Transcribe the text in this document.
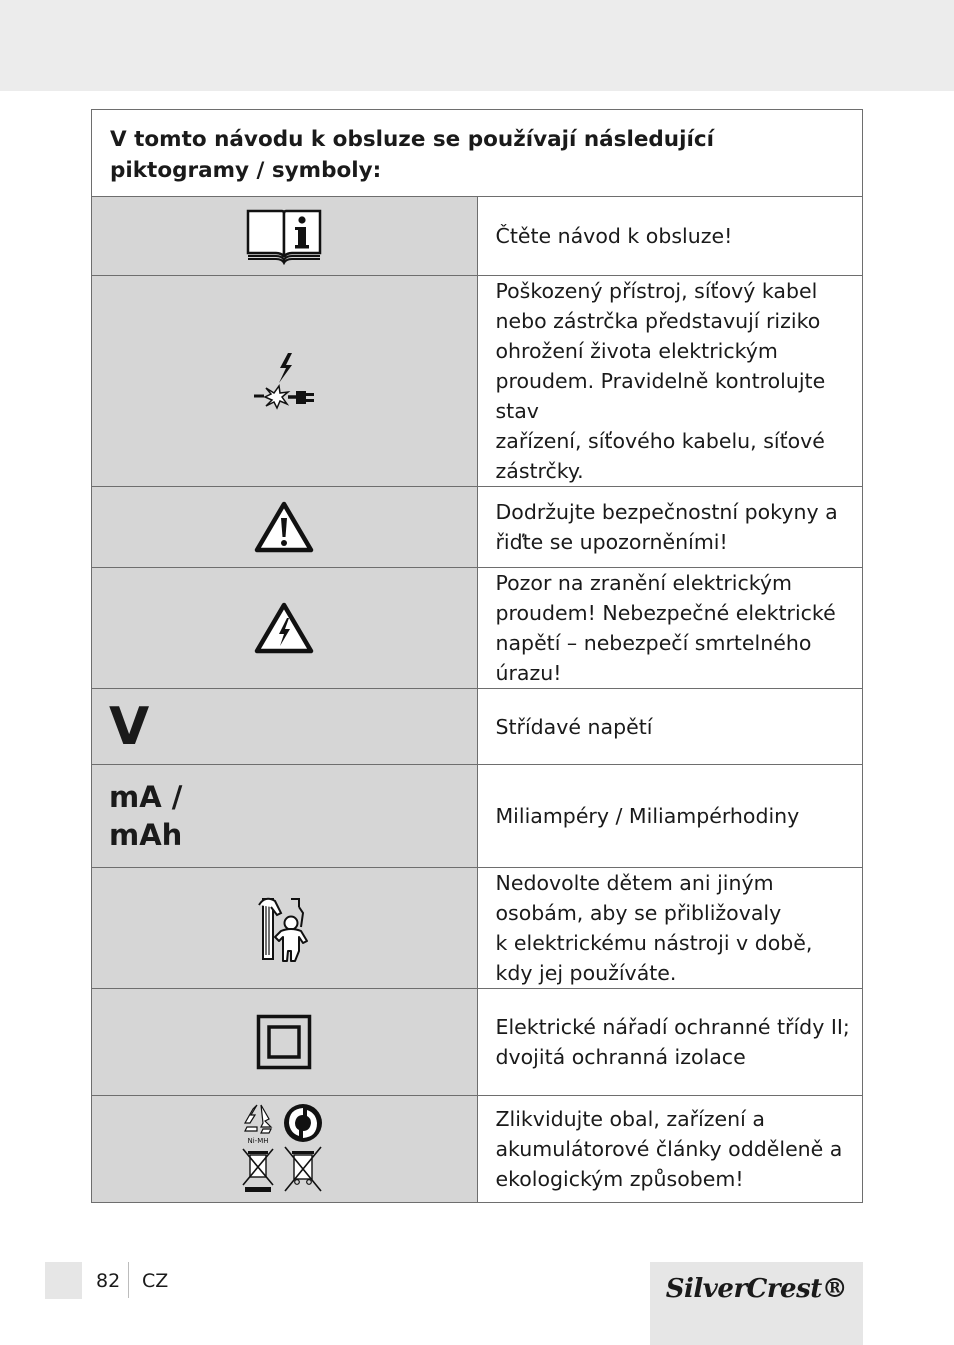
V tomto návodu k obsluze se používají následující
piktogramy / symboly:	

Čtěte návod k obsluze!

Poškozený přístroj, síťový kabel nebo zástrčka představují riziko
ohrožení života elektrickým proudem. Pravidelně kontrolujte stav
zařízení, síťového kabelu, síťové zástrčky.

Dodržujte bezpečnostní pokyny a řiďte se upozorněními!

Pozor na zranění elektrickým proudem! Nebezpečné elektrické
napětí – nebezpečí smrtelného úrazu!

V	Střídavé napětí

mA /
mAh	Miliampéry / Miliampérhodiny

Nedovolte dětem ani jiným osobám, aby se přibližovaly
k elektrickému nástroji v době, kdy jej používáte.

Elektrické nářadí ochranné třídy II; dvojitá ochranná izolace

Ni-MH	Zlikvidujte obal, zařízení a akumulátorové články odděleně a
ekologickým způsobem!
82 CZ	SilverCrest®
